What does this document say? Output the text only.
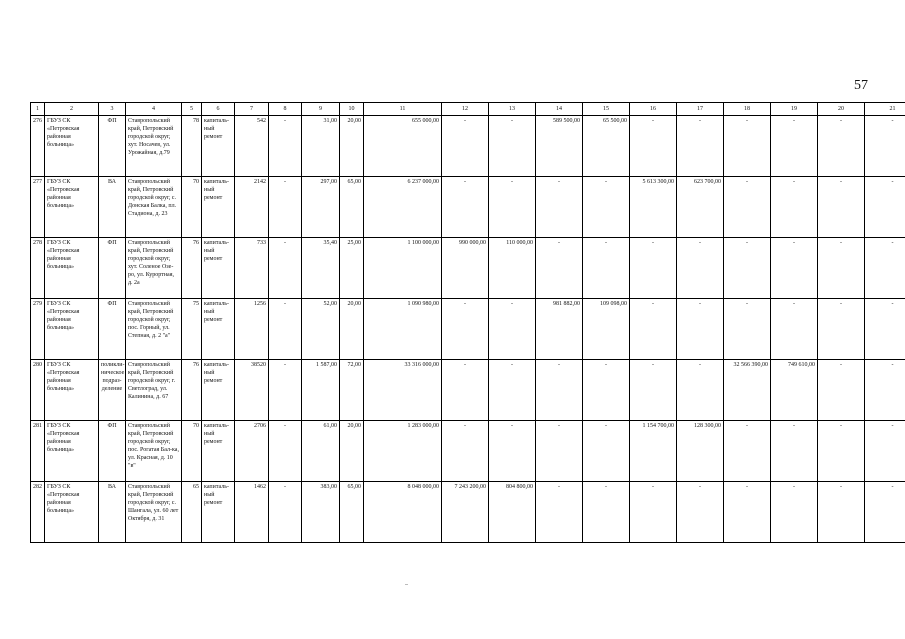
57
1	2	3	4	5	6	7	8	9	10	11	12	13	14	15	16	17	18	19	20	21
276	ГБУЗ СК «Петровская районная больница»	ФП	Ставропольский край, Петровский городской округ, хут. Носачев, ул. Урожайная, д.79	78	капиталь-ный ремонт	542	-	31,00	20,00	655 000,00	-	-	589 500,00	65 500,00	-	-	-	-	-	-
277	ГБУЗ СК «Петровская районная больница»	ВА	Ставропольский край, Петровский городской округ, с. Донская Балка, пл. Стадиона, д. 23	70	капиталь-ный ремонт	2142	-	297,00	65,00	6 237 000,00	-	-	-	-	5 613 300,00	623 700,00	-	-	-	-
278	ГБУЗ СК «Петровская районная больница»	ФП	Ставропольский край, Петровский городской округ, хут. Соленое Озе-ро, ул. Курортная, д. 2а	76	капиталь-ный ремонт	733	-	35,40	25,00	1 100 000,00	990 000,00	110 000,00	-	-	-	-	-	-	-	-
279	ГБУЗ СК «Петровская районная больница»	ФП	Ставропольский край, Петровский городской округ, пос. Горный, ул. Степная, д. 2 "а"	75	капиталь-ный ремонт	1256	-	52,00	20,00	1 090 980,00	-	-	981 882,00	109 098,00	-	-	-	-	-	-
280	ГБУЗ СК «Петровская районная больница»	поликли-ническое подраз-деление	Ставропольский край, Петровский городской округ, г. Светлоград, ул. Калинина, д. 67	76	капиталь-ный ремонт	38520	-	1 587,00	72,00	33 316 000,00	-	-	-	-	-	-	32 566 390,00	749 610,00	-	-
281	ГБУЗ СК «Петровская районная больница»	ФП	Ставропольский край, Петровский городской округ, пос. Рогатая Бал-ка, ул. Красная, д. 10 "в"	70	капиталь-ный ремонт	2706	-	61,00	20,00	1 283 000,00	-	-	-	-	1 154 700,00	128 300,00	-	-	-	-
282	ГБУЗ СК «Петровская районная больница»	ВА	Ставропольский край, Петровский городской округ, с. Шангала, ул. 60 лет Октября, д. 31	65	капиталь-ный ремонт	1462	-	383,00	65,00	8 048 000,00	7 243 200,00	804 800,00	-	-	-	-	-	-	-	-
